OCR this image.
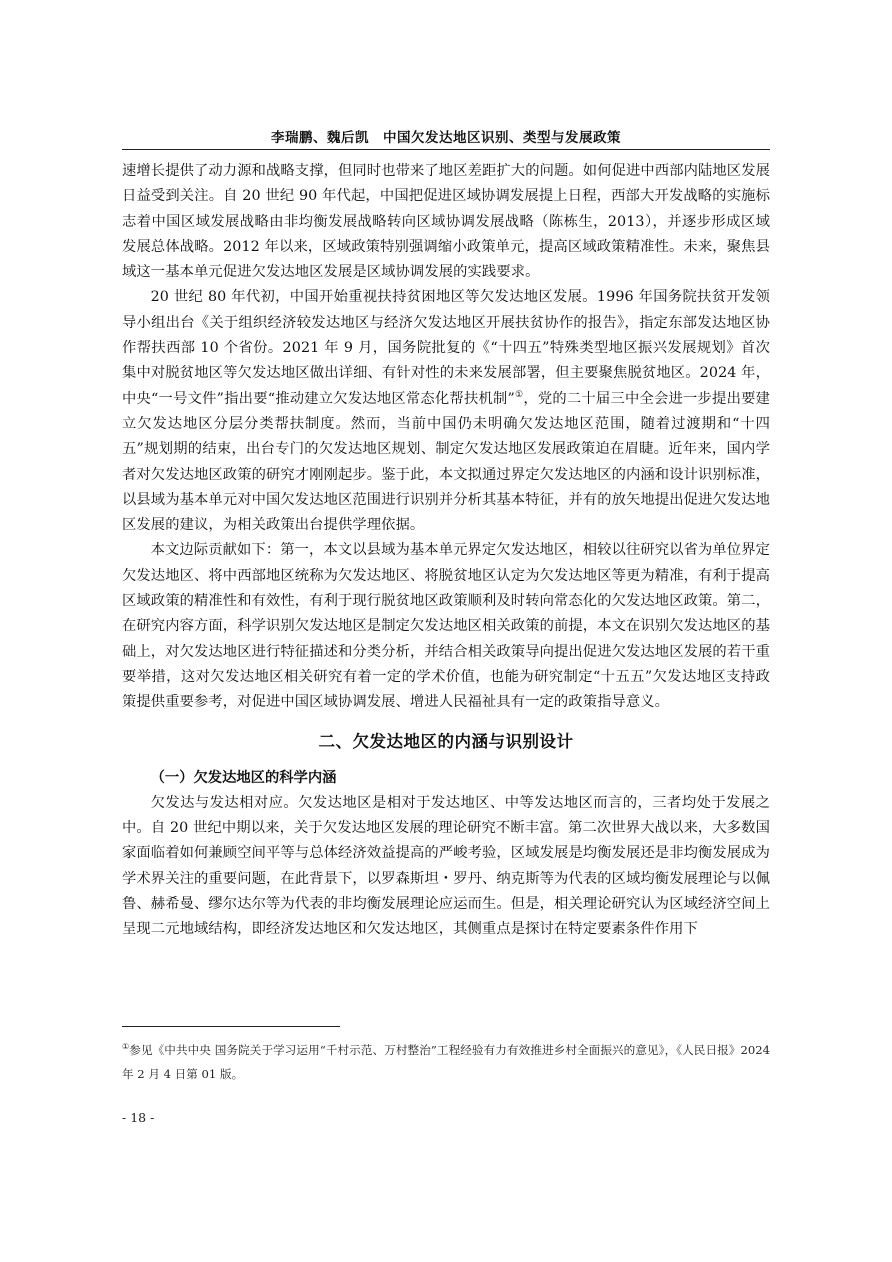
李瑞鹏、魏后凯　中国欠发达地区识别、类型与发展政策

速增长提供了动力源和战略支撑，但同时也带来了地区差距扩大的问题。如何促进中西部内陆地区发展日益受到关注。自 20 世纪 90 年代起，中国把促进区域协调发展提上日程，西部大开发战略的实施标志着中国区域发展战略由非均衡发展战略转向区域协调发展战略（陈栋生，2013），并逐步形成区域发展总体战略。2012 年以来，区域政策特别强调缩小政策单元，提高区域政策精准性。未来，聚焦县域这一基本单元促进欠发达地区发展是区域协调发展的实践要求。

20 世纪 80 年代初，中国开始重视扶持贫困地区等欠发达地区发展。1996 年国务院扶贫开发领导小组出台《关于组织经济较发达地区与经济欠发达地区开展扶贫协作的报告》，指定东部发达地区协作帮扶西部 10 个省份。2021 年 9 月，国务院批复的《“十四五”特殊类型地区振兴发展规划》首次集中对脱贫地区等欠发达地区做出详细、有针对性的未来发展部署，但主要聚焦脱贫地区。2024 年，中央“一号文件”指出要“推动建立欠发达地区常态化帮扶机制”①，党的二十届三中全会进一步提出要建立欠发达地区分层分类帮扶制度。然而，当前中国仍未明确欠发达地区范围，随着过渡期和“十四五”规划期的结束，出台专门的欠发达地区规划、制定欠发达地区发展政策迫在眉睫。近年来，国内学者对欠发达地区政策的研究才刚刚起步。鉴于此，本文拟通过界定欠发达地区的内涵和设计识别标准，以县域为基本单元对中国欠发达地区范围进行识别并分析其基本特征，并有的放矢地提出促进欠发达地区发展的建议，为相关政策出台提供学理依据。

本文边际贡献如下：第一，本文以县域为基本单元界定欠发达地区，相较以往研究以省为单位界定欠发达地区、将中西部地区统称为欠发达地区、将脱贫地区认定为欠发达地区等更为精准，有利于提高区域政策的精准性和有效性，有利于现行脱贫地区政策顺利及时转向常态化的欠发达地区政策。第二，在研究内容方面，科学识别欠发达地区是制定欠发达地区相关政策的前提，本文在识别欠发达地区的基础上，对欠发达地区进行特征描述和分类分析，并结合相关政策导向提出促进欠发达地区发展的若干重要举措，这对欠发达地区相关研究有着一定的学术价值，也能为研究制定“十五五”欠发达地区支持政策提供重要参考，对促进中国区域协调发展、增进人民福祉具有一定的政策指导意义。

二、欠发达地区的内涵与识别设计
（一）欠发达地区的科学内涵

欠发达与发达相对应。欠发达地区是相对于发达地区、中等发达地区而言的，三者均处于发展之中。自 20 世纪中期以来，关于欠发达地区发展的理论研究不断丰富。第二次世界大战以来，大多数国家面临着如何兼顾空间平等与总体经济效益提高的严峻考验，区域发展是均衡发展还是非均衡发展成为学术界关注的重要问题，在此背景下，以罗森斯坦・罗丹、纳克斯等为代表的区域均衡发展理论与以佩鲁、赫希曼、缪尔达尔等为代表的非均衡发展理论应运而生。但是，相关理论研究认为区域经济空间上呈现二元地域结构，即经济发达地区和欠发达地区，其侧重点是探讨在特定要素条件作用下

①参见《中共中央 国务院关于学习运用“千村示范、万村整治”工程经验有力有效推进乡村全面振兴的意见》，《人民日报》2024 年 2 月 4 日第 01 版。
- 18 -
